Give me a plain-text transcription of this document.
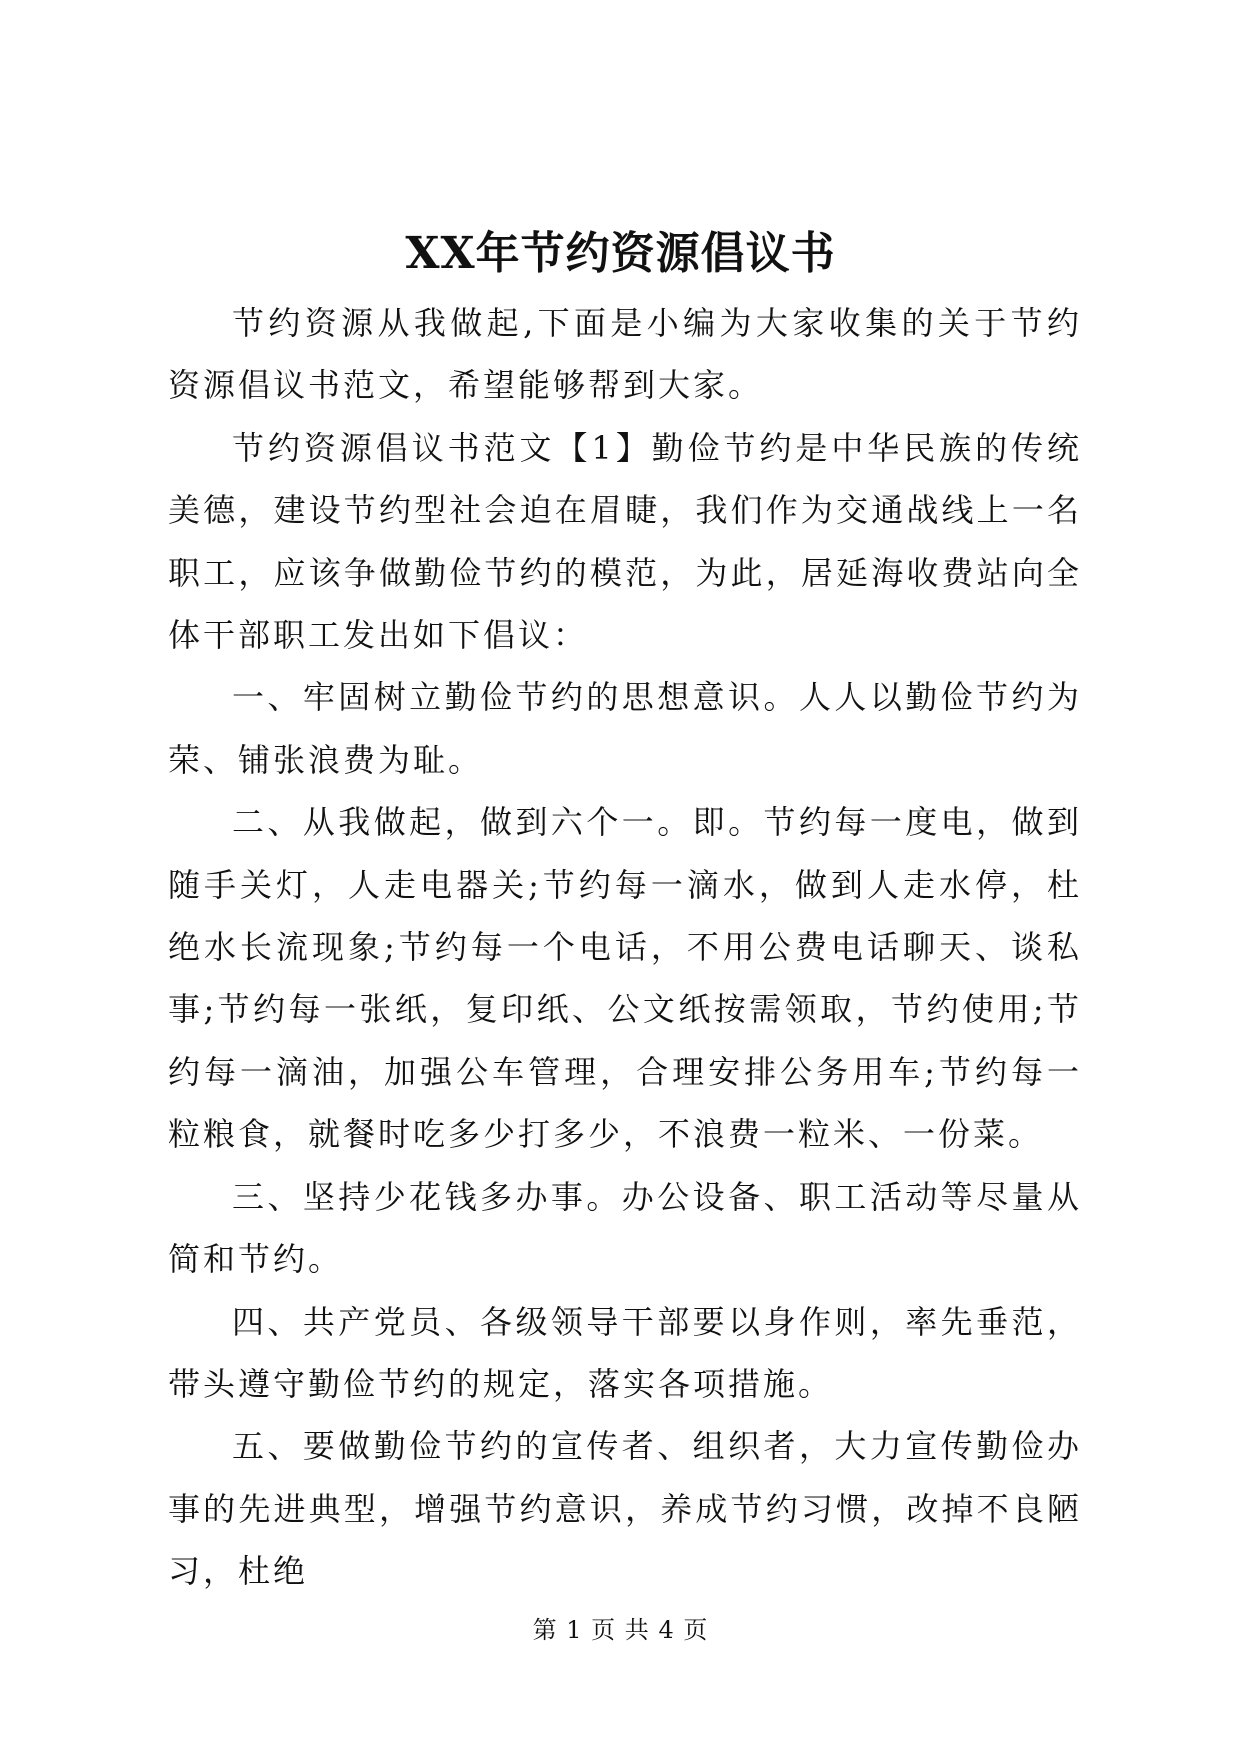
XX年节约资源倡议书

节约资源从我做起,下面是小编为大家收集的关于节约资源倡议书范文，希望能够帮到大家。

节约资源倡议书范文【1】勤俭节约是中华民族的传统美德，建设节约型社会迫在眉睫，我们作为交通战线上一名职工，应该争做勤俭节约的模范，为此，居延海收费站向全体干部职工发出如下倡议：

一、牢固树立勤俭节约的思想意识。人人以勤俭节约为荣、铺张浪费为耻。

二、从我做起，做到六个一。即。节约每一度电，做到随手关灯，人走电器关;节约每一滴水，做到人走水停，杜绝水长流现象;节约每一个电话，不用公费电话聊天、谈私事;节约每一张纸，复印纸、公文纸按需领取，节约使用;节约每一滴油，加强公车管理，合理安排公务用车;节约每一粒粮食，就餐时吃多少打多少，不浪费一粒米、一份菜。

三、坚持少花钱多办事。办公设备、职工活动等尽量从简和节约。

四、共产党员、各级领导干部要以身作则，率先垂范，带头遵守勤俭节约的规定，落实各项措施。

五、要做勤俭节约的宣传者、组织者，大力宣传勤俭办事的先进典型，增强节约意识，养成节约习惯，改掉不良陋习，杜绝

第 1 页 共 4 页
